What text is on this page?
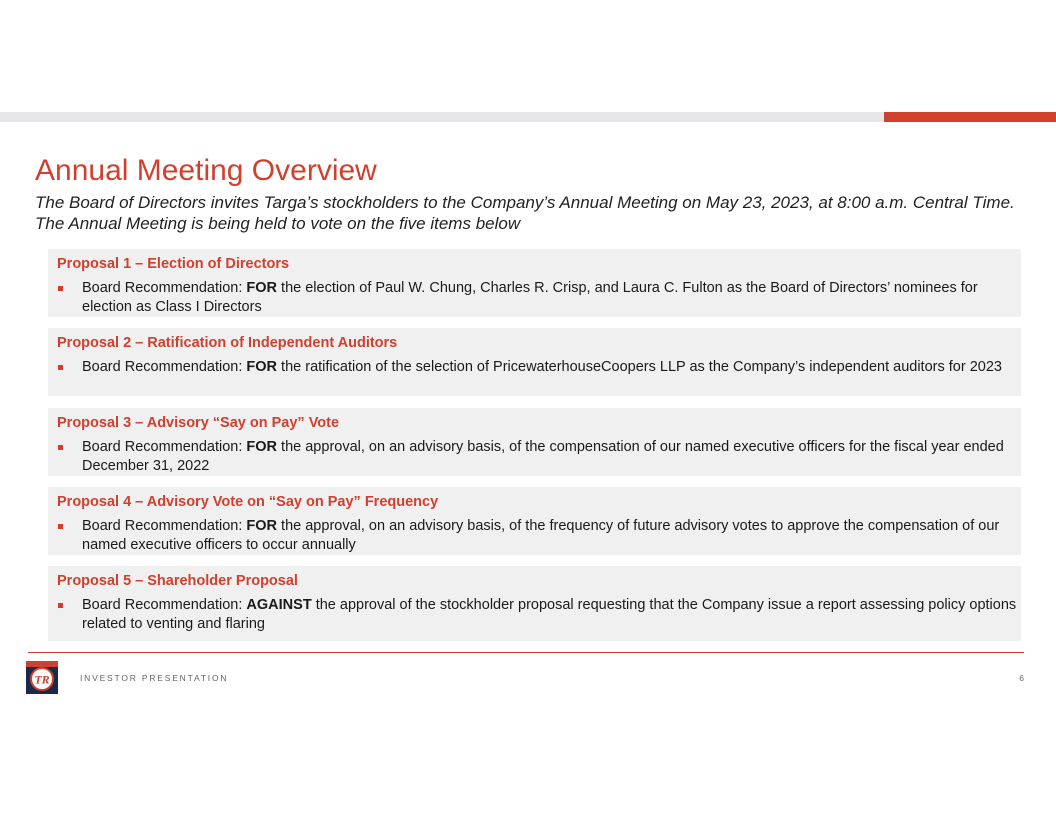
Annual Meeting Overview

The Board of Directors invites Targa’s stockholders to the Company’s Annual Meeting on May 23, 2023, at 8:00 a.m. Central Time. The Annual Meeting is being held to vote on the five items below

Proposal 1 – Election of Directors
Board Recommendation: FOR the election of Paul W. Chung, Charles R. Crisp, and Laura C. Fulton as the Board of Directors’ nominees for election as Class I Directors
Proposal 2 – Ratification of Independent Auditors
Board Recommendation: FOR the ratification of the selection of PricewaterhouseCoopers LLP as the Company’s independent auditors for 2023
Proposal 3 – Advisory “Say on Pay” Vote
Board Recommendation: FOR the approval, on an advisory basis, of the compensation of our named executive officers for the fiscal year ended December 31, 2022
Proposal 4 – Advisory Vote on “Say on Pay” Frequency
Board Recommendation: FOR the approval, on an advisory basis, of the frequency of future advisory votes to approve the compensation of our named executive officers to occur annually
Proposal 5 – Shareholder Proposal
Board Recommendation: AGAINST the approval of the stockholder proposal requesting that the Company issue a report assessing policy options related to venting and flaring
TR	INVESTOR PRESENTATION	6
